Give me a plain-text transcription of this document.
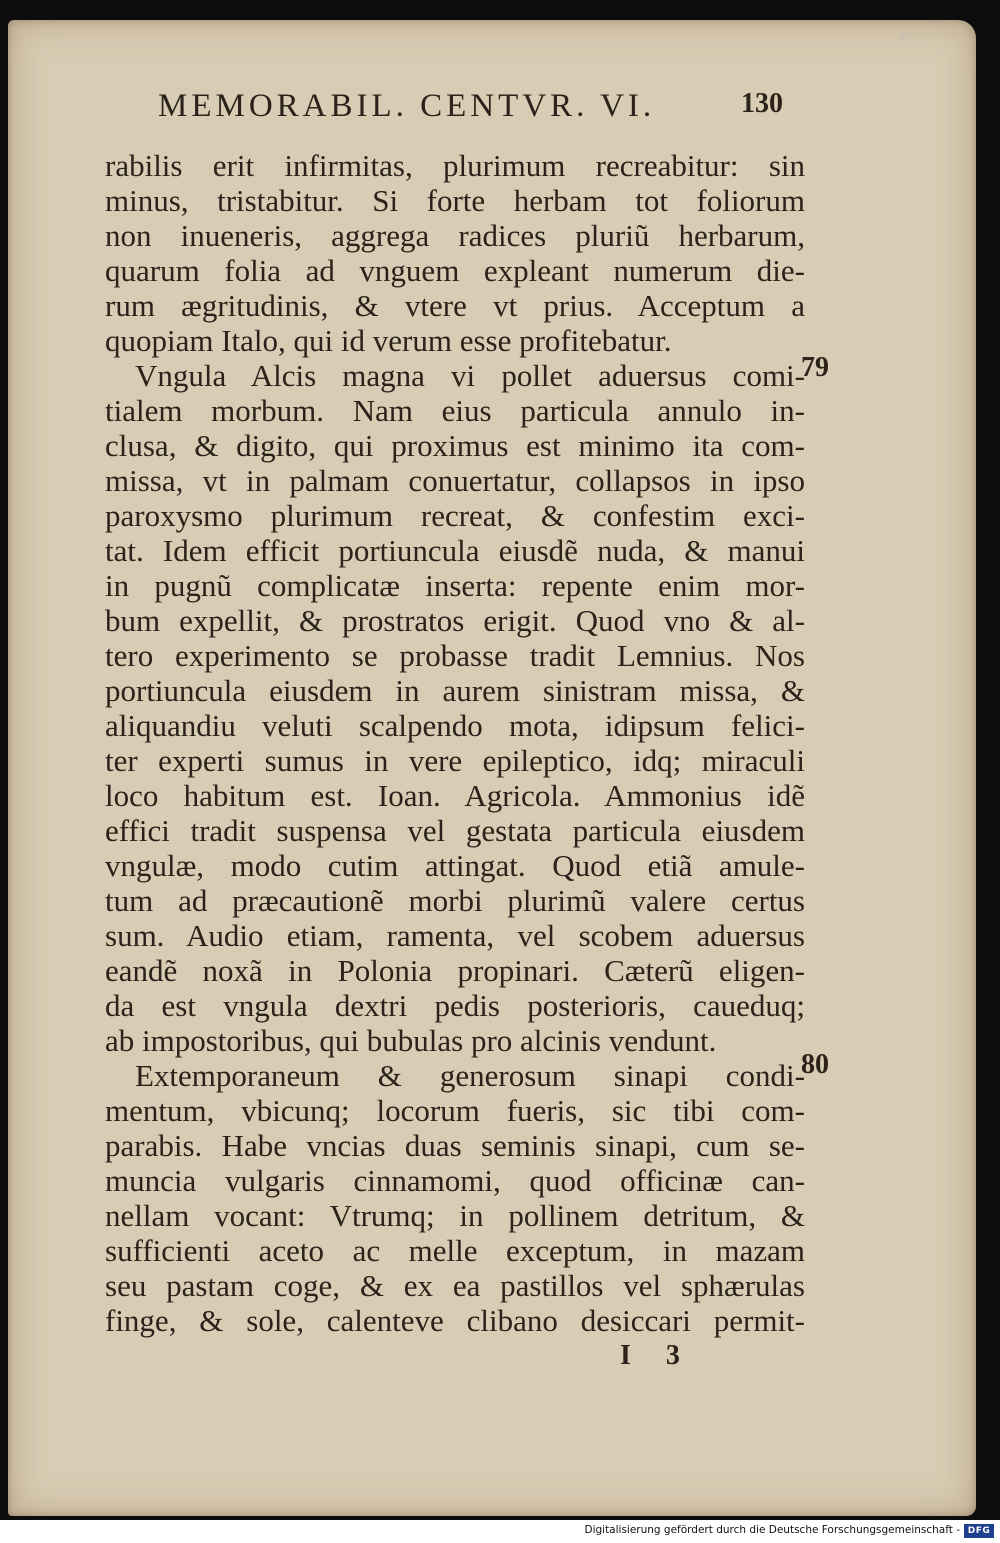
MEMORABIL. CENTVR. VI.	130
rabilis erit infirmitas, plurimum recreabitur: sin
minus, tristabitur. Si forte herbam tot foliorum
non inueneris, aggrega radices pluriũ herbarum,
quarum folia ad vnguem expleant numerum die-
rum ægritudinis, & vtere vt prius. Acceptum a
quopiam Italo, qui id verum esse profitebatur.
Vngula Alcis magna vi pollet aduersus comi-
tialem morbum. Nam eius particula annulo in-
clusa, & digito, qui proximus est minimo ita com-
missa, vt in palmam conuertatur, collapsos in ipso
paroxysmo plurimum recreat, & confestim exci-
tat. Idem efficit portiuncula eiusdẽ nuda, & manui
in pugnũ complicatæ inserta: repente enim mor-
bum expellit, & prostratos erigit. Quod vno & al-
tero experimento se probasse tradit Lemnius. Nos
portiuncula eiusdem in aurem sinistram missa, &
aliquandiu veluti scalpendo mota, idipsum felici-
ter experti sumus in vere epileptico, idq; miraculi
loco habitum est. Ioan. Agricola. Ammonius idẽ
effici tradit suspensa vel gestata particula eiusdem
vngulæ, modo cutim attingat. Quod etiã amule-
tum ad præcautionẽ morbi plurimũ valere certus
sum. Audio etiam, ramenta, vel scobem aduersus
eandẽ noxã in Polonia propinari. Cæterũ eligen-
da est vngula dextri pedis posterioris, caueduq;
ab impostoribus, qui bubulas pro alcinis vendunt.
Extemporaneum & generosum sinapi condi-
mentum, vbicunq; locorum fueris, sic tibi com-
parabis. Habe vncias duas seminis sinapi, cum se-
muncia vulgaris cinnamomi, quod officinæ can-
nellam vocant: Vtrumq; in pollinem detritum, &
sufficienti aceto ac melle exceptum, in mazam
seu pastam coge, & ex ea pastillos vel sphærulas
finge, & sole, calenteve clibano desiccari permit-
79
80
I 3
Digitalisierung gefördert durch die Deutsche Forschungsgemeinschaft - DFG
